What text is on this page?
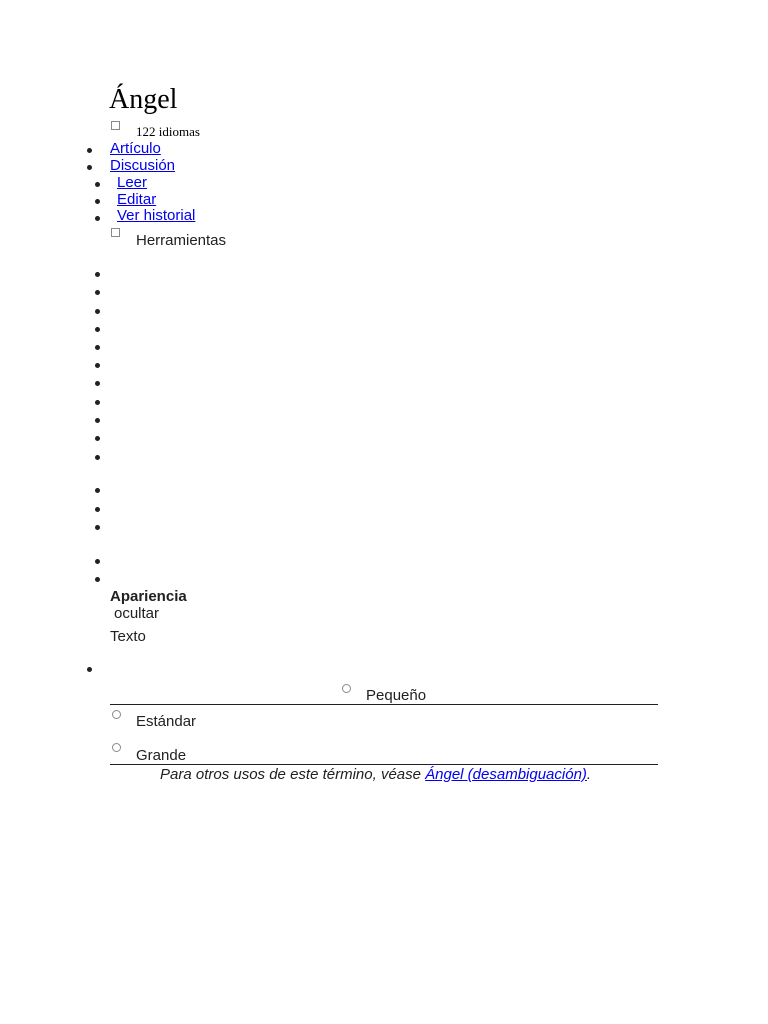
Ángel
122 idiomas
Artículo
Discusión
Leer
Editar
Ver historial
Herramientas
Apariencia
ocultar
Texto
Pequeño
Estándar
Grande
Para otros usos de este término, véase Ángel (desambiguación).
